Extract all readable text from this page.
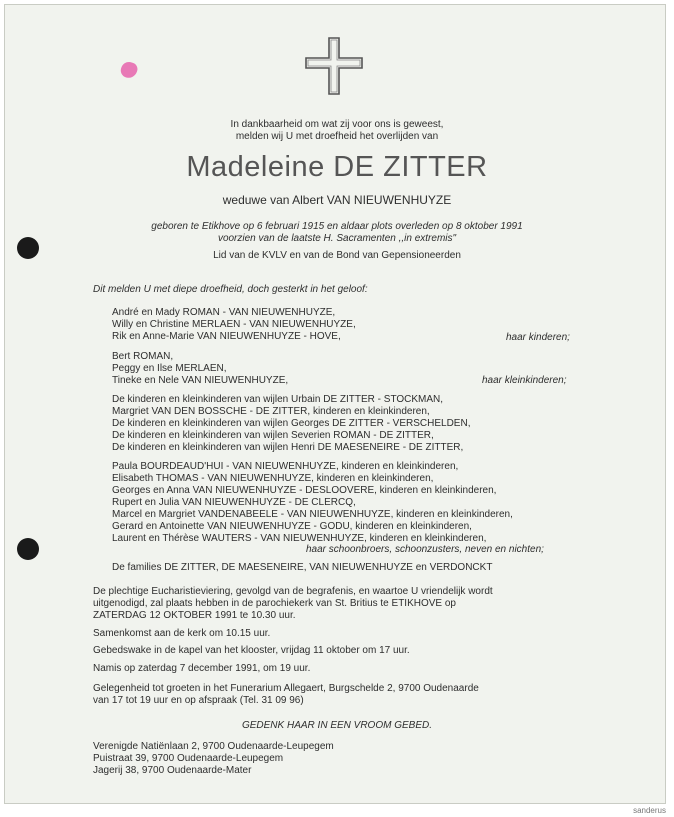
sanderus
In dankbaarheid om wat zij voor ons is geweest,
melden wij U met droefheid het overlijden van
Madeleine DE ZITTER
weduwe van Albert VAN NIEUWENHUYZE
geboren te Etikhove op 6 februari 1915 en aldaar plots overleden op 8 oktober 1991
voorzien van de laatste H. Sacramenten ,,in extremis"
Lid van de KVLV en van de Bond van Gepensioneerden
Dit melden U met diepe droefheid, doch gesterkt in het geloof:
André en Mady ROMAN - VAN NIEUWENHUYZE,
Willy en Christine MERLAEN - VAN NIEUWENHUYZE,
Rik en Anne-Marie VAN NIEUWENHUYZE - HOVE,	haar kinderen;
Bert ROMAN,
Peggy en Ilse MERLAEN,
Tineke en Nele VAN NIEUWENHUYZE,	haar kleinkinderen;
De kinderen en kleinkinderen van wijlen Urbain DE ZITTER - STOCKMAN,
Margriet VAN DEN BOSSCHE - DE ZITTER, kinderen en kleinkinderen,
De kinderen en kleinkinderen van wijlen Georges DE ZITTER - VERSCHELDEN,
De kinderen en kleinkinderen van wijlen Severien ROMAN - DE ZITTER,
De kinderen en kleinkinderen van wijlen Henri DE MAESENEIRE - DE ZITTER,
Paula BOURDEAUD'HUI - VAN NIEUWENHUYZE, kinderen en kleinkinderen,
Elisabeth THOMAS - VAN NIEUWENHUYZE, kinderen en kleinkinderen,
Georges en Anna VAN NIEUWENHUYZE - DESLOOVERE, kinderen en kleinkinderen,
Rupert en Julia VAN NIEUWENHUYZE - DE CLERCQ,
Marcel en Margriet VANDENABEELE - VAN NIEUWENHUYZE, kinderen en kleinkinderen,
Gerard en Antoinette VAN NIEUWENHUYZE - GODU, kinderen en kleinkinderen,
Laurent en Thérèse WAUTERS - VAN NIEUWENHUYZE, kinderen en kleinkinderen,
haar schoonbroers, schoonzusters, neven en nichten;
De families DE ZITTER, DE MAESENEIRE, VAN NIEUWENHUYZE en VERDONCKT
De plechtige Eucharistieviering, gevolgd van de begrafenis, en waartoe U vriendelijk wordt
uitgenodigd, zal plaats hebben in de parochiekerk van St. Britius te ETIKHOVE op
ZATERDAG 12 OKTOBER 1991 te 10.30 uur.
Samenkomst aan de kerk om 10.15 uur.
Gebedswake in de kapel van het klooster, vrijdag 11 oktober om 17 uur.
Namis op zaterdag 7 december 1991, om 19 uur.
Gelegenheid tot groeten in het Funerarium Allegaert, Burgschelde 2, 9700 Oudenaarde
van 17 tot 19 uur en op afspraak (Tel. 31 09 96)
GEDENK HAAR IN EEN VROOM GEBED.
Verenigde Natiënlaan 2, 9700 Oudenaarde-Leupegem
Puistraat 39, 9700 Oudenaarde-Leupegem
Jagerij 38, 9700 Oudenaarde-Mater
